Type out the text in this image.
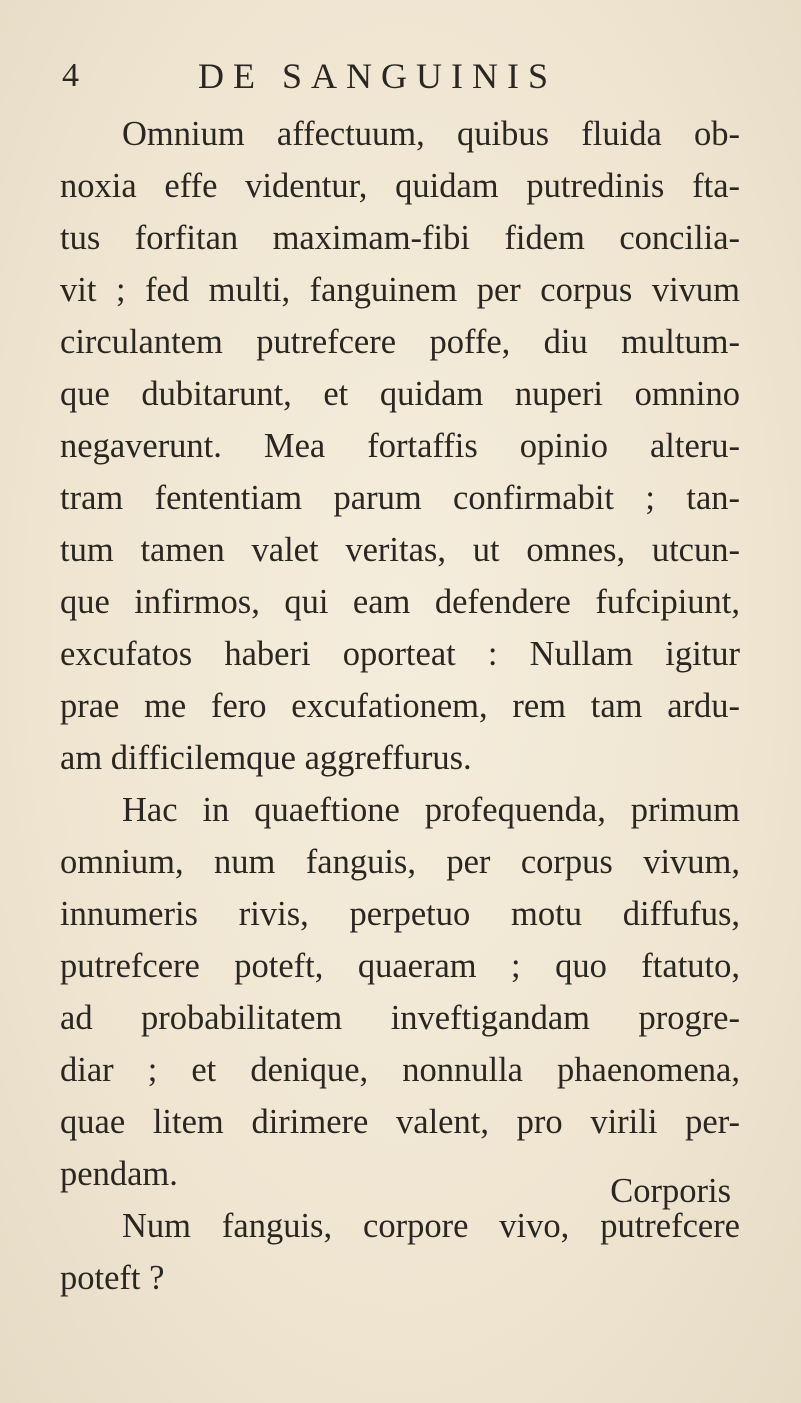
4	DE SANGUINIS
Omnium affectuum, quibus fluida ob-
noxia effe videntur, quidam putredinis fta-
tus forfitan maximam-fibi fidem concilia-
vit ; fed multi, fanguinem per corpus vivum
circulantem putrefcere poffe, diu multum-
que dubitarunt, et quidam nuperi omnino
negaverunt. Mea fortaffis opinio alteru-
tram fententiam parum confirmabit ; tan-
tum tamen valet veritas, ut omnes, utcun-
que infirmos, qui eam defendere fufcipiunt,
excufatos haberi oporteat : Nullam igitur
prae me fero excufationem, rem tam ardu-
am difficilemque aggreffurus.
Hac in quaeftione profequenda, primum
omnium, num fanguis, per corpus vivum,
innumeris rivis, perpetuo motu diffufus,
putrefcere poteft, quaeram ; quo ftatuto,
ad probabilitatem inveftigandam progre-
diar ; et denique, nonnulla phaenomena,
quae litem dirimere valent, pro virili per-
pendam.
Num fanguis, corpore vivo, putrefcere
poteft ?
Corporis
